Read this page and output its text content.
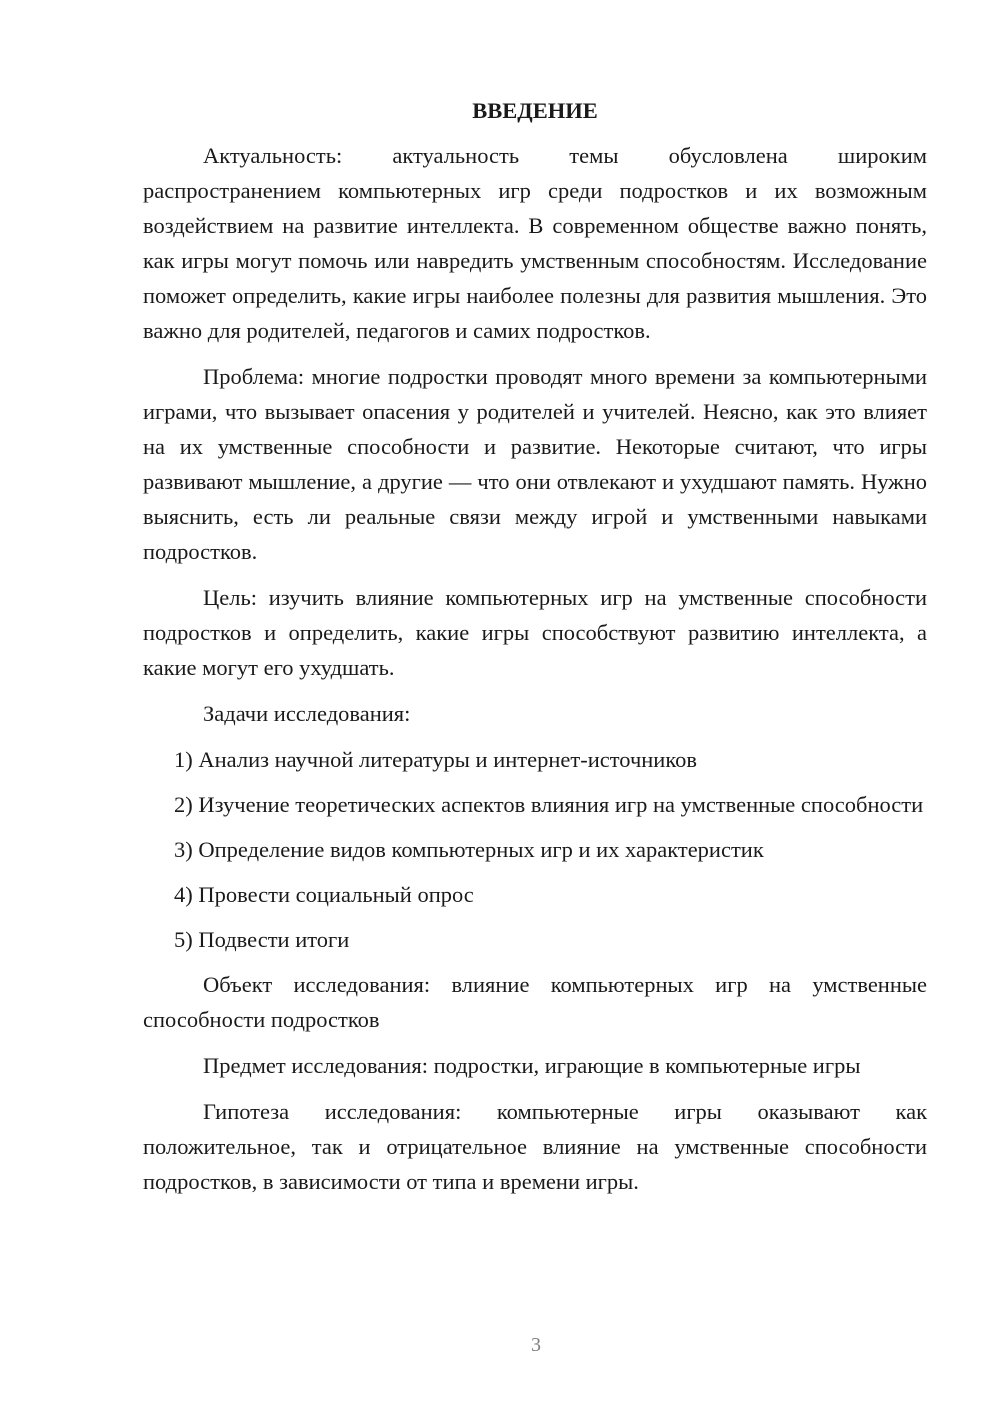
ВВЕДЕНИЕ

Актуальность: актуальность темы обусловлена широким распространением компьютерных игр среди подростков и их возможным воздействием на развитие интеллекта. В современном обществе важно понять, как игры могут помочь или навредить умственным способностям. Исследование поможет определить, какие игры наиболее полезны для развития мышления. Это важно для родителей, педагогов и самих подростков.

Проблема: многие подростки проводят много времени за компьютерными играми, что вызывает опасения у родителей и учителей. Неясно, как это влияет на их умственные способности и развитие. Некоторые считают, что игры развивают мышление, а другие — что они отвлекают и ухудшают память. Нужно выяснить, есть ли реальные связи между игрой и умственными навыками подростков.

Цель: изучить влияние компьютерных игр на умственные способности подростков и определить, какие игры способствуют развитию интеллекта, а какие могут его ухудшать.

Задачи исследования:

1) Анализ научной литературы и интернет-источников

2) Изучение теоретических аспектов влияния игр на умственные способности

3) Определение видов компьютерных игр и их характеристик

4) Провести социальный опрос

5) Подвести итоги

Объект исследования: влияние компьютерных игр на умственные способности подростков

Предмет исследования: подростки, играющие в компьютерные игры

Гипотеза исследования: компьютерные игры оказывают как положительное, так и отрицательное влияние на умственные способности подростков, в зависимости от типа и времени игры.

3
